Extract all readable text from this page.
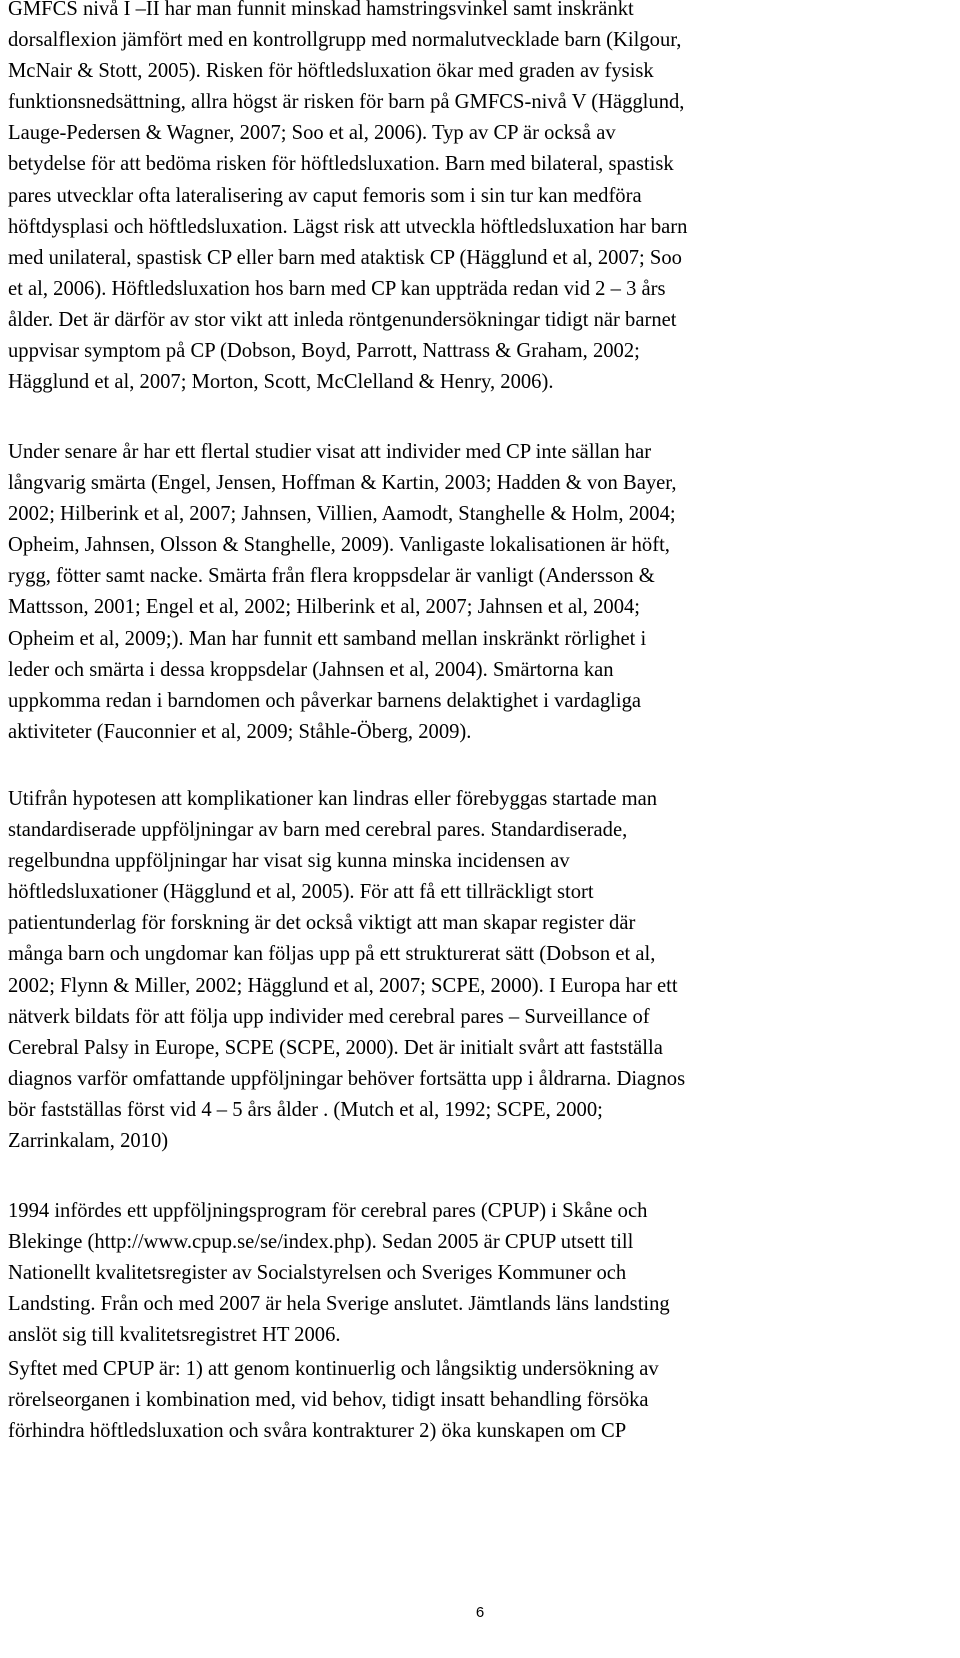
GMFCS nivå I –II har man funnit minskad hamstringsvinkel samt inskränkt
dorsalflexion jämfört med en kontrollgrupp med normalutvecklade barn (Kilgour,
McNair & Stott, 2005). Risken för höftledsluxation ökar med graden av fysisk
funktionsnedsättning, allra högst är risken för barn på GMFCS-nivå V (Hägglund,
Lauge-Pedersen & Wagner, 2007; Soo et al, 2006). Typ av CP är också av
betydelse för att bedöma risken för höftledsluxation. Barn med bilateral, spastisk
pares utvecklar ofta lateralisering av caput femoris som i sin tur kan medföra
höftdysplasi och höftledsluxation. Lägst risk att utveckla höftledsluxation har barn
med unilateral, spastisk CP eller barn med ataktisk CP (Hägglund et al, 2007; Soo
et al, 2006). Höftledsluxation hos barn med CP kan uppträda redan vid 2 – 3 års
ålder. Det är därför av stor vikt att inleda röntgenundersökningar tidigt när barnet
uppvisar symptom på CP (Dobson, Boyd, Parrott, Nattrass & Graham, 2002;
Hägglund et al, 2007; Morton, Scott, McClelland & Henry, 2006).

Under senare år har ett flertal studier visat att individer med CP inte sällan har
långvarig smärta (Engel, Jensen, Hoffman & Kartin, 2003; Hadden & von Bayer,
2002; Hilberink et al, 2007; Jahnsen, Villien, Aamodt, Stanghelle & Holm, 2004;
Opheim, Jahnsen, Olsson & Stanghelle, 2009). Vanligaste lokalisationen är höft,
rygg, fötter samt nacke. Smärta från flera kroppsdelar är vanligt (Andersson &
Mattsson, 2001; Engel et al, 2002; Hilberink et al, 2007; Jahnsen et al, 2004;
Opheim et al, 2009;). Man har funnit ett samband mellan inskränkt rörlighet i
leder och smärta i dessa kroppsdelar (Jahnsen et al, 2004). Smärtorna kan
uppkomma redan i barndomen och påverkar barnens delaktighet i vardagliga
aktiviteter (Fauconnier et al, 2009; Ståhle-Öberg, 2009).

Utifrån hypotesen att komplikationer kan lindras eller förebyggas startade man
standardiserade uppföljningar av barn med cerebral pares. Standardiserade,
regelbundna uppföljningar har visat sig kunna minska incidensen av
höftledsluxationer (Hägglund et al, 2005). För att få ett tillräckligt stort
patientunderlag för forskning är det också viktigt att man skapar register där
många barn och ungdomar kan följas upp på ett strukturerat sätt (Dobson et al,
2002; Flynn & Miller, 2002; Hägglund et al, 2007; SCPE, 2000). I Europa har ett
nätverk bildats för att följa upp individer med cerebral pares – Surveillance of
Cerebral Palsy in Europe, SCPE (SCPE, 2000). Det är initialt svårt att fastställa
diagnos varför omfattande uppföljningar behöver fortsätta upp i åldrarna. Diagnos
bör fastställas först vid 4 – 5 års ålder . (Mutch et al, 1992; SCPE, 2000;
Zarrinkalam, 2010)

1994 infördes ett uppföljningsprogram för cerebral pares (CPUP) i Skåne och
Blekinge (http://www.cpup.se/se/index.php). Sedan 2005 är CPUP utsett till
Nationellt kvalitetsregister av Socialstyrelsen och Sveriges Kommuner och
Landsting. Från och med 2007 är hela Sverige anslutet. Jämtlands läns landsting
anslöt sig till kvalitetsregistret HT 2006.

Syftet med CPUP är: 1) att genom kontinuerlig och långsiktig undersökning av
rörelseorganen i kombination med, vid behov, tidigt insatt behandling försöka
förhindra höftledsluxation och svåra kontrakturer 2) öka kunskapen om CP

6
